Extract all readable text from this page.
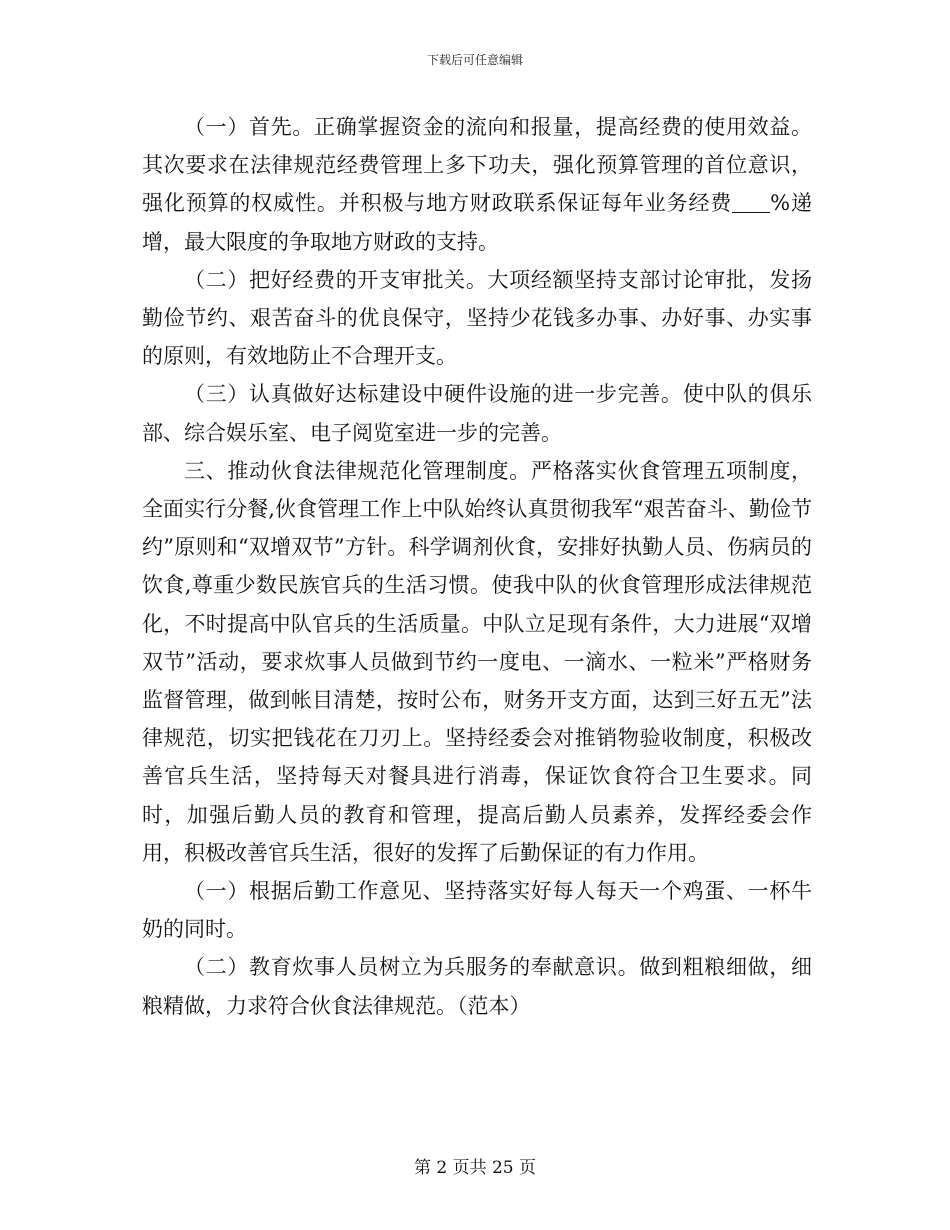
下载后可任意编辑

（一）首先。正确掌握资金的流向和报量，提高经费的使用效益。其次要求在法律规范经费管理上多下功夫，强化预算管理的首位意识，强化预算的权威性。并积极与地方财政联系保证每年业务经费 %递增，最大限度的争取地方财政的支持。

（二）把好经费的开支审批关。大项经额坚持支部讨论审批，发扬勤俭节约、艰苦奋斗的优良保守，坚持少花钱多办事、办好事、办实事的原则，有效地防止不合理开支。

（三）认真做好达标建设中硬件设施的进一步完善。使中队的俱乐部、综合娱乐室、电子阅览室进一步的完善。

三、推动伙食法律规范化管理制度。严格落实伙食管理五项制度，全面实行分餐,伙食管理工作上中队始终认真贯彻我军“艰苦奋斗、勤俭节约”原则和“双增双节”方针。科学调剂伙食，安排好执勤人员、伤病员的饮食,尊重少数民族官兵的生活习惯。使我中队的伙食管理形成法律规范化，不时提高中队官兵的生活质量。中队立足现有条件，大力进展“双增双节”活动，要求炊事人员做到节约一度电、一滴水、一粒米”严格财务监督管理，做到帐目清楚，按时公布，财务开支方面，达到三好五无”法律规范，切实把钱花在刀刃上。坚持经委会对推销物验收制度，积极改善官兵生活，坚持每天对餐具进行消毒，保证饮食符合卫生要求。同时，加强后勤人员的教育和管理，提高后勤人员素养，发挥经委会作用，积极改善官兵生活，很好的发挥了后勤保证的有力作用。

（一）根据后勤工作意见、坚持落实好每人每天一个鸡蛋、一杯牛奶的同时。

（二）教育炊事人员树立为兵服务的奉献意识。做到粗粮细做，细粮精做，力求符合伙食法律规范。（范本）

第 2 页共 25 页
